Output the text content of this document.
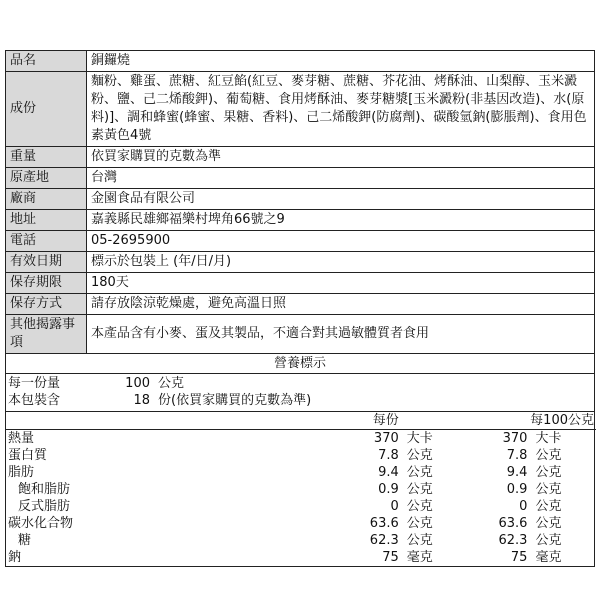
品名	銅鑼燒
成份	麵粉、雞蛋、蔗糖、紅豆餡(紅豆、麥芽糖、蔗糖、芥花油、烤酥油、山梨醇、玉米澱粉、鹽、己二烯酸鉀)、葡萄糖、食用烤酥油、麥芽糖漿[玉米澱粉(非基因改造)、水(原料)]、調和蜂蜜(蜂蜜、果糖、香料)、己二烯酸鉀(防腐劑)、碳酸氫鈉(膨脹劑)、食用色素黃色4號
重量	依買家購買的克數為準
原產地	台灣
廠商	金園食品有限公司
地址	嘉義縣民雄鄉福樂村埤角66號之9
電話	05-2695900
有效日期	標示於包裝上 (年/日/月)
保存期限	180天
保存方式	請存放陰涼乾燥處，避免高溫日照
其他揭露事項	本產品含有小麥、蛋及其製品，不適合對其過敏體質者食用
營養標示
每一份量	100 公克
本包裝含	18 份(依買家購買的克數為準)
	每份		每100公克	
熱量	370	大卡	370	大卡
蛋白質	7.8	公克	7.8	公克
脂肪	9.4	公克	9.4	公克
飽和脂肪	0.9	公克	0.9	公克
反式脂肪	0	公克	0	公克
碳水化合物	63.6	公克	63.6	公克
糖	62.3	公克	62.3	公克
鈉	75	毫克	75	毫克
